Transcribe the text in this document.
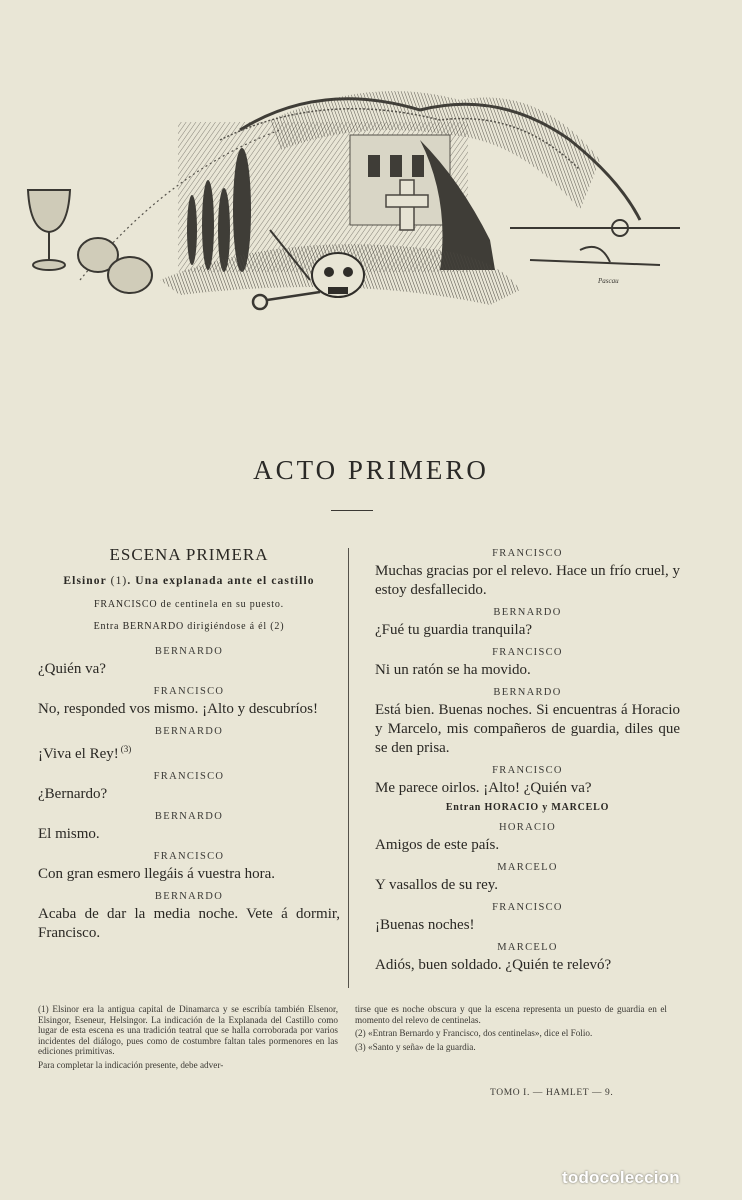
Pascau
ACTO PRIMERO
ESCENA PRIMERA
Elsinor (1). Una explanada ante el castillo
FRANCISCO de centinela en su puesto.
Entra BERNARDO dirigiéndose á él (2)

BERNARDO

¿Quién va?

FRANCISCO

No, responded vos mismo. ¡Alto y descubríos!

BERNARDO

¡Viva el Rey! $^{(3)}$

FRANCISCO

¿Bernardo?

BERNARDO

El mismo.

FRANCISCO

Con gran esmero llegáis á vuestra hora.

BERNARDO

Acaba de dar la media noche. Vete á dormir, Francisco.

FRANCISCO

Muchas gracias por el relevo. Hace un frío cruel, y estoy desfallecido.

BERNARDO

¿Fué tu guardia tranquila?

FRANCISCO

Ni un ratón se ha movido.

BERNARDO

Está bien. Buenas noches. Si encuentras á Horacio y Marcelo, mis compañeros de guardia, diles que se den prisa.

FRANCISCO

Me parece oirlos. ¡Alto! ¿Quién va?

Entran HORACIO y MARCELO

HORACIO

Amigos de este país.

MARCELO

Y vasallos de su rey.

FRANCISCO

¡Buenas noches!

MARCELO

Adiós, buen soldado. ¿Quién te relevó?

(1) Elsinor era la antigua capital de Dinamarca y se escribía también Elsenor, Elsingor, Eseneur, Helsingor. La indicación de la Explanada del Castillo como lugar de esta escena es una tradición teatral que se halla corroborada por varios incidentes del diálogo, pues como de costumbre faltan tales pormenores en las ediciones primitivas.

Para completar la indicación presente, debe adver-

tirse que es noche obscura y que la escena representa un puesto de guardia en el momento del relevo de centinelas.

(2) «Entran Bernardo y Francisco, dos centinelas», dice el Folio.

(3) «Santo y seña» de la guardia.

TOMO I. — HAMLET — 9.
todocoleccion
